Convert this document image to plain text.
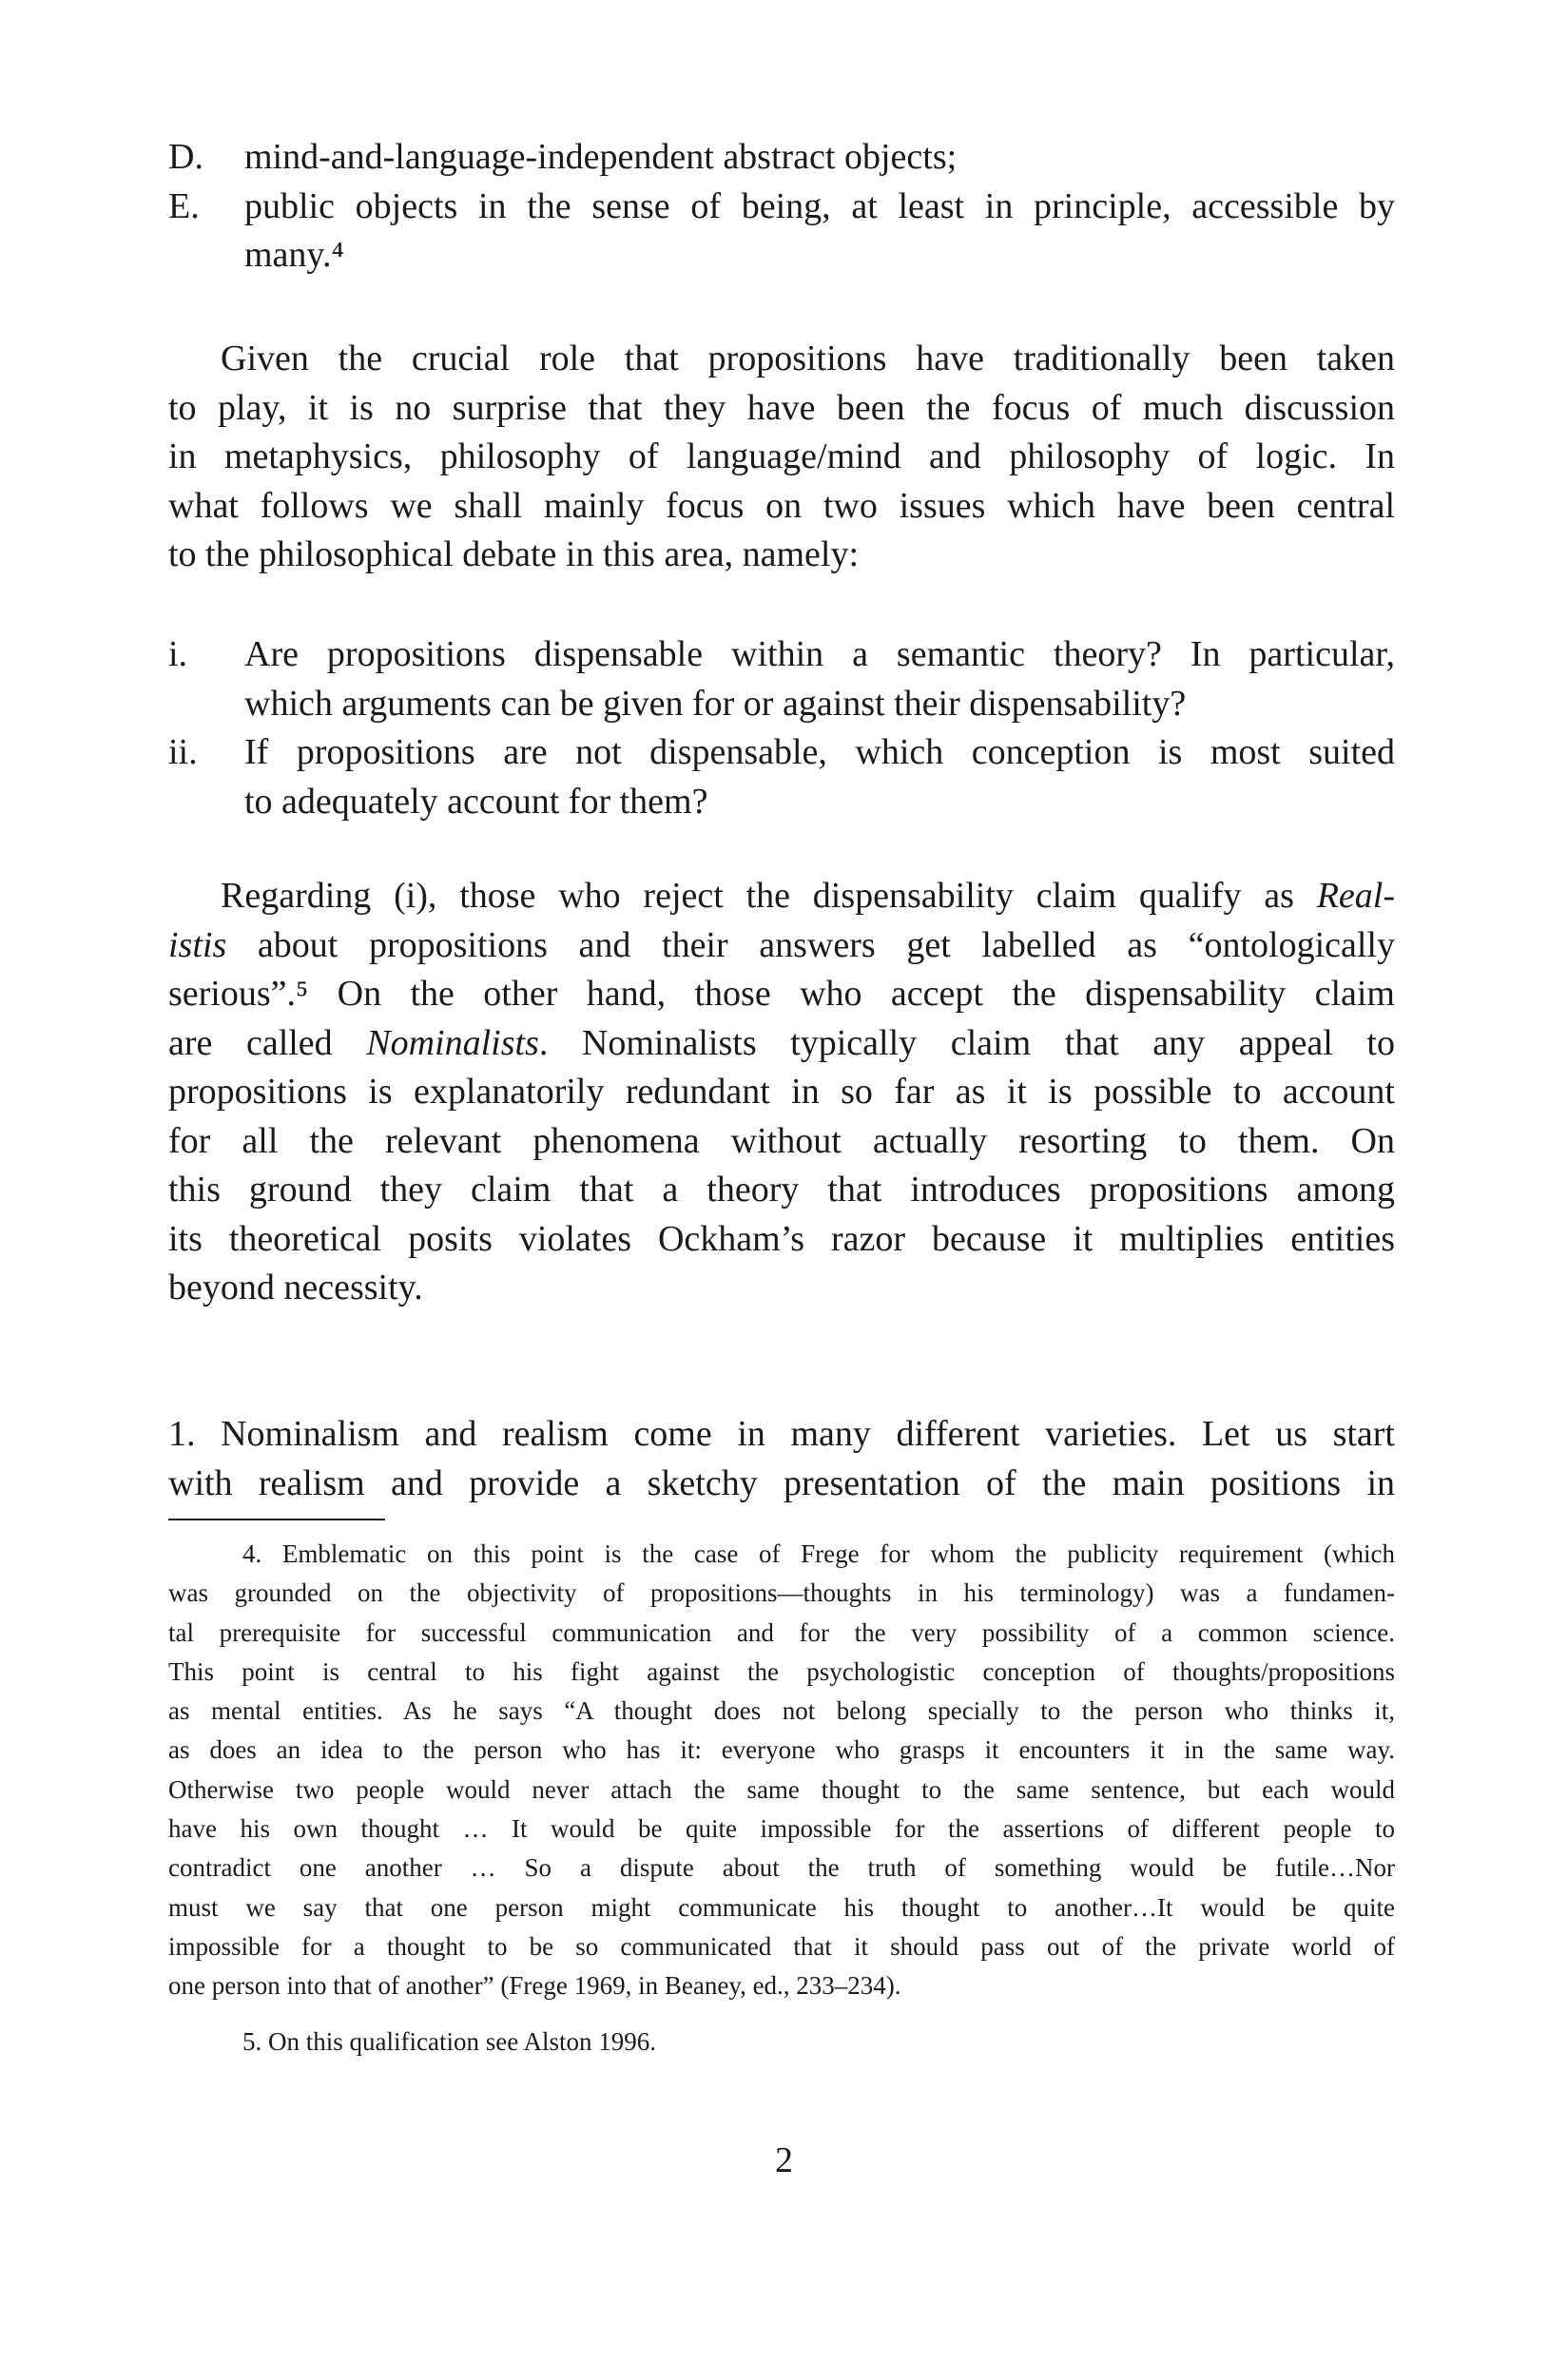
D. mind-and-language-independent abstract objects;
E. public objects in the sense of being, at least in principle, accessible by
many.⁴
Given the crucial role that propositions have traditionally been taken
to play, it is no surprise that they have been the focus of much discussion
in metaphysics, philosophy of language/mind and philosophy of logic. In
what follows we shall mainly focus on two issues which have been central
to the philosophical debate in this area, namely:
i. Are propositions dispensable within a semantic theory? In particular,
which arguments can be given for or against their dispensability?
ii. If propositions are not dispensable, which conception is most suited
to adequately account for them?
Regarding (i), those who reject the dispensability claim qualify as Real-
istis about propositions and their answers get labelled as “ontologically
serious”.⁵ On the other hand, those who accept the dispensability claim
are called Nominalists. Nominalists typically claim that any appeal to
propositions is explanatorily redundant in so far as it is possible to account
for all the relevant phenomena without actually resorting to them. On
this ground they claim that a theory that introduces propositions among
its theoretical posits violates Ockham’s razor because it multiplies entities
beyond necessity.
1. Nominalism and realism come in many different varieties. Let us start
with realism and provide a sketchy presentation of the main positions in
4. Emblematic on this point is the case of Frege for whom the publicity requirement (which
was grounded on the objectivity of propositions—thoughts in his terminology) was a fundamen-
tal prerequisite for successful communication and for the very possibility of a common science.
This point is central to his fight against the psychologistic conception of thoughts/propositions
as mental entities. As he says “A thought does not belong specially to the person who thinks it,
as does an idea to the person who has it: everyone who grasps it encounters it in the same way.
Otherwise two people would never attach the same thought to the same sentence, but each would
have his own thought … It would be quite impossible for the assertions of different people to
contradict one another … So a dispute about the truth of something would be futile…Nor
must we say that one person might communicate his thought to another…It would be quite
impossible for a thought to be so communicated that it should pass out of the private world of
one person into that of another” (Frege 1969, in Beaney, ed., 233–234).
5. On this qualification see Alston 1996.
2
